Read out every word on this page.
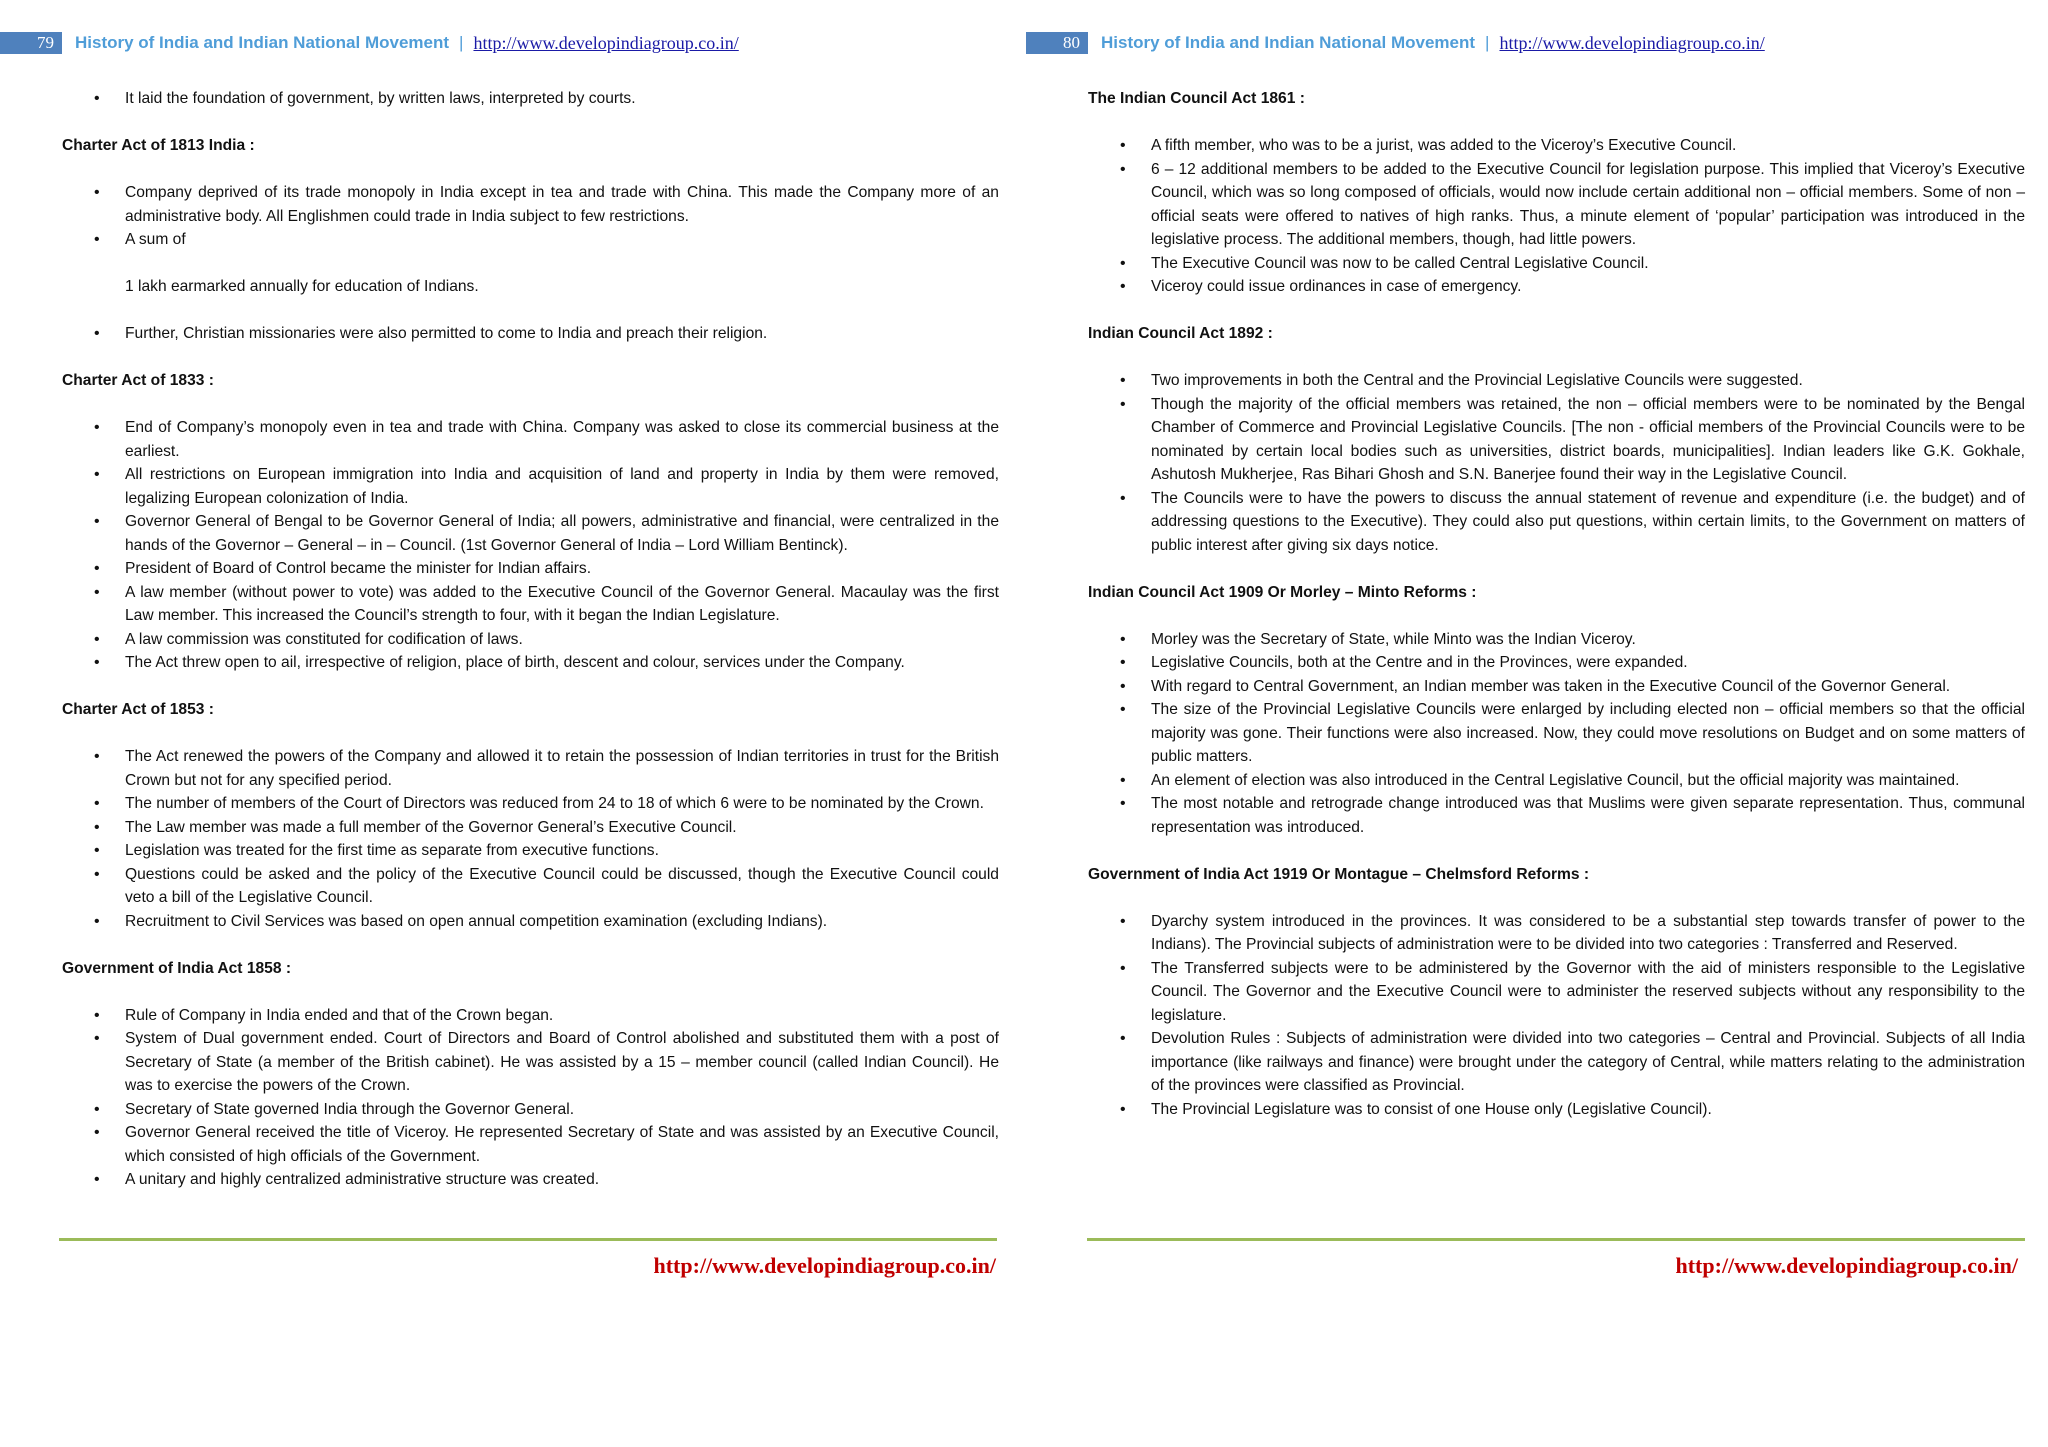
79	History of India and Indian National Movement | http://www.developindiagroup.co.in/
• It laid the foundation of government, by written laws, interpreted by courts.

Charter Act of 1813 India :

• Company deprived of its trade monopoly in India except in tea and trade with China. This made the Company more of an administrative body. All Englishmen could trade in India subject to few restrictions.
• A sum of
1 lakh earmarked annually for education of Indians.
• Further, Christian missionaries were also permitted to come to India and preach their religion.

Charter Act of 1833 :

• End of Company’s monopoly even in tea and trade with China. Company was asked to close its commercial business at the earliest.
• All restrictions on European immigration into India and acquisition of land and property in India by them were removed, legalizing European colonization of India.
• Governor General of Bengal to be Governor General of India; all powers, administrative and financial, were centralized in the hands of the Governor – General – in – Council. (1st Governor General of India – Lord William Bentinck).
• President of Board of Control became the minister for Indian affairs.
• A law member (without power to vote) was added to the Executive Council of the Governor General. Macaulay was the first Law member. This increased the Council’s strength to four, with it began the Indian Legislature.
• A law commission was constituted for codification of laws.
• The Act threw open to ail, irrespective of religion, place of birth, descent and colour, services under the Company.

Charter Act of 1853 :

• The Act renewed the powers of the Company and allowed it to retain the possession of Indian territories in trust for the British Crown but not for any specified period.
• The number of members of the Court of Directors was reduced from 24 to 18 of which 6 were to be nominated by the Crown.
• The Law member was made a full member of the Governor General’s Executive Council.
• Legislation was treated for the first time as separate from executive functions.
• Questions could be asked and the policy of the Executive Council could be discussed, though the Executive Council could veto a bill of the Legislative Council.
• Recruitment to Civil Services was based on open annual competition examination (excluding Indians).

Government of India Act 1858 :

• Rule of Company in India ended and that of the Crown began.
• System of Dual government ended. Court of Directors and Board of Control abolished and substituted them with a post of Secretary of State (a member of the British cabinet). He was assisted by a 15 – member council (called Indian Council). He was to exercise the powers of the Crown.
• Secretary of State governed India through the Governor General.
• Governor General received the title of Viceroy. He represented Secretary of State and was assisted by an Executive Council, which consisted of high officials of the Government.
• A unitary and highly centralized administrative structure was created.
http://www.developindiagroup.co.in/
80	History of India and Indian National Movement | http://www.developindiagroup.co.in/

The Indian Council Act 1861 :

• A fifth member, who was to be a jurist, was added to the Viceroy’s Executive Council.
• 6 – 12 additional members to be added to the Executive Council for legislation purpose. This implied that Viceroy’s Executive Council, which was so long composed of officials, would now include certain additional non – official members. Some of non – official seats were offered to natives of high ranks. Thus, a minute element of ‘popular’ participation was introduced in the legislative process. The additional members, though, had little powers.
• The Executive Council was now to be called Central Legislative Council.
• Viceroy could issue ordinances in case of emergency.

Indian Council Act 1892 :

• Two improvements in both the Central and the Provincial Legislative Councils were suggested.
• Though the majority of the official members was retained, the non – official members were to be nominated by the Bengal Chamber of Commerce and Provincial Legislative Councils. [The non - official members of the Provincial Councils were to be nominated by certain local bodies such as universities, district boards, municipalities]. Indian leaders like G.K. Gokhale, Ashutosh Mukherjee, Ras Bihari Ghosh and S.N. Banerjee found their way in the Legislative Council.
• The Councils were to have the powers to discuss the annual statement of revenue and expenditure (i.e. the budget) and of addressing questions to the Executive). They could also put questions, within certain limits, to the Government on matters of public interest after giving six days notice.

Indian Council Act 1909 Or Morley – Minto Reforms :

• Morley was the Secretary of State, while Minto was the Indian Viceroy.
• Legislative Councils, both at the Centre and in the Provinces, were expanded.
• With regard to Central Government, an Indian member was taken in the Executive Council of the Governor General.
• The size of the Provincial Legislative Councils were enlarged by including elected non – official members so that the official majority was gone. Their functions were also increased. Now, they could move resolutions on Budget and on some matters of public matters.
• An element of election was also introduced in the Central Legislative Council, but the official majority was maintained.
• The most notable and retrograde change introduced was that Muslims were given separate representation. Thus, communal representation was introduced.

Government of India Act 1919 Or Montague – Chelmsford Reforms :

• Dyarchy system introduced in the provinces. It was considered to be a substantial step towards transfer of power to the Indians). The Provincial subjects of administration were to be divided into two categories : Transferred and Reserved.
• The Transferred subjects were to be administered by the Governor with the aid of ministers responsible to the Legislative Council. The Governor and the Executive Council were to administer the reserved subjects without any responsibility to the legislature.
• Devolution Rules : Subjects of administration were divided into two categories – Central and Provincial. Subjects of all India importance (like railways and finance) were brought under the category of Central, while matters relating to the administration of the provinces were classified as Provincial.
• The Provincial Legislature was to consist of one House only (Legislative Council).
http://www.developindiagroup.co.in/
